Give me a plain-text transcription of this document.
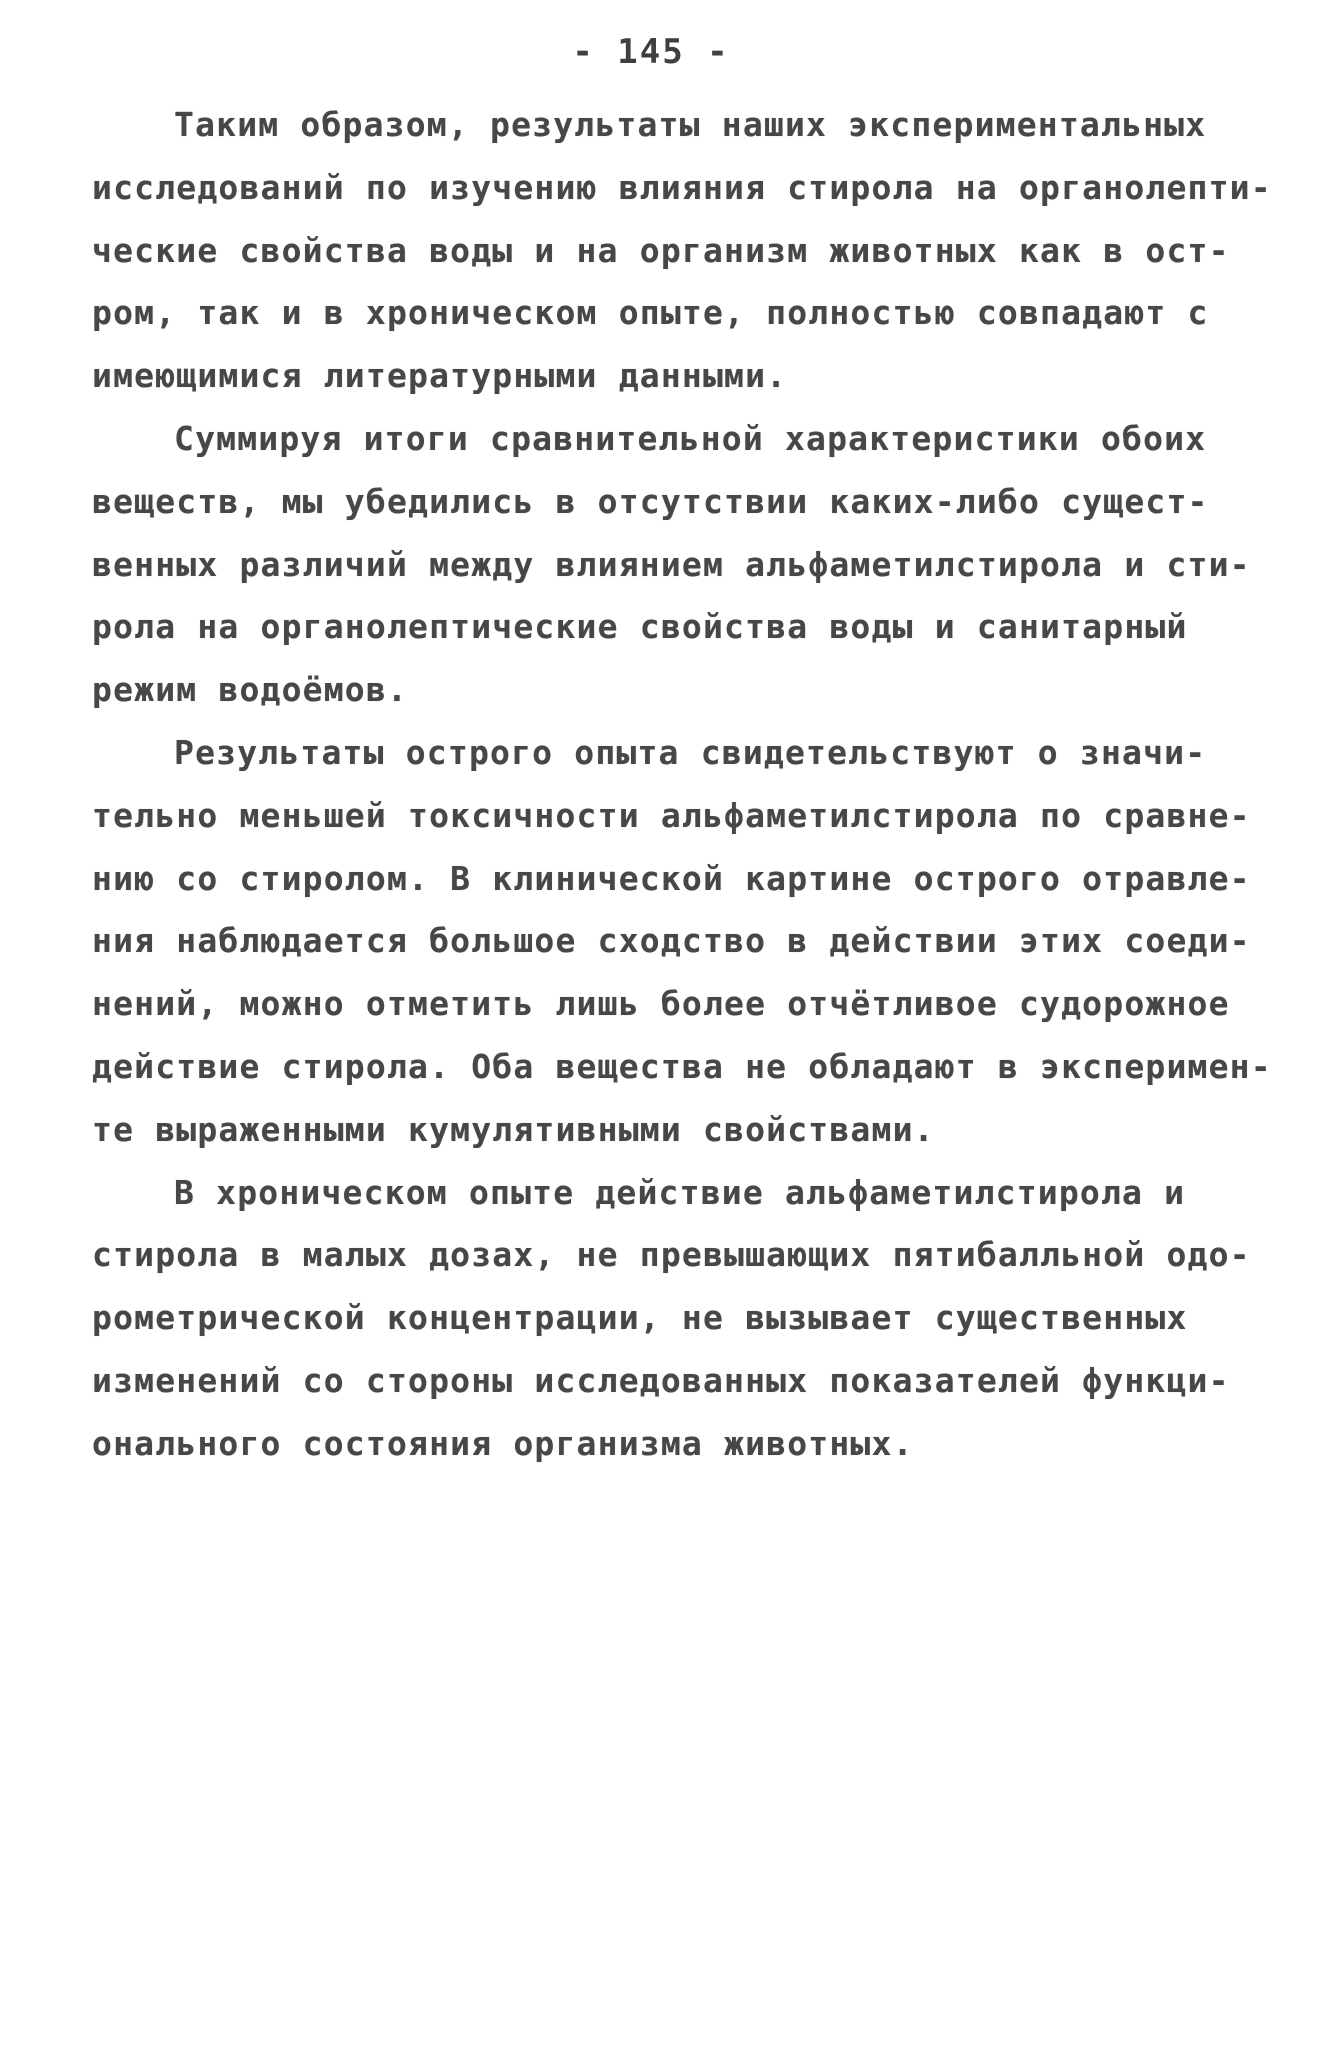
- 145 -
Таким образом, результаты наших экспериментальных
исследований по изучению влияния стирола на органолепти-
ческие свойства воды и на организм животных как в ост-
ром, так и в хроническом опыте, полностью совпадают с
имеющимися литературными данными.
Суммируя итоги сравнительной характеристики обоих
веществ, мы убедились в отсутствии каких-либо сущест-
венных различий между влиянием альфаметилстирола и сти-
рола на органолептические свойства воды и санитарный
режим водоёмов.
Результаты острого опыта свидетельствуют о значи-
тельно меньшей токсичности альфаметилстирола по сравне-
нию со стиролом. В клинической картине острого отравле-
ния наблюдается большое сходство в действии этих соеди-
нений, можно отметить лишь более отчётливое судорожное
действие стирола. Оба вещества не обладают в эксперимен-
те выраженными кумулятивными свойствами.
В хроническом опыте действие альфаметилстирола и
стирола в малых дозах, не превышающих пятибалльной одо-
рометрической концентрации, не вызывает существенных
изменений со стороны исследованных показателей функци-
онального состояния организма животных.
